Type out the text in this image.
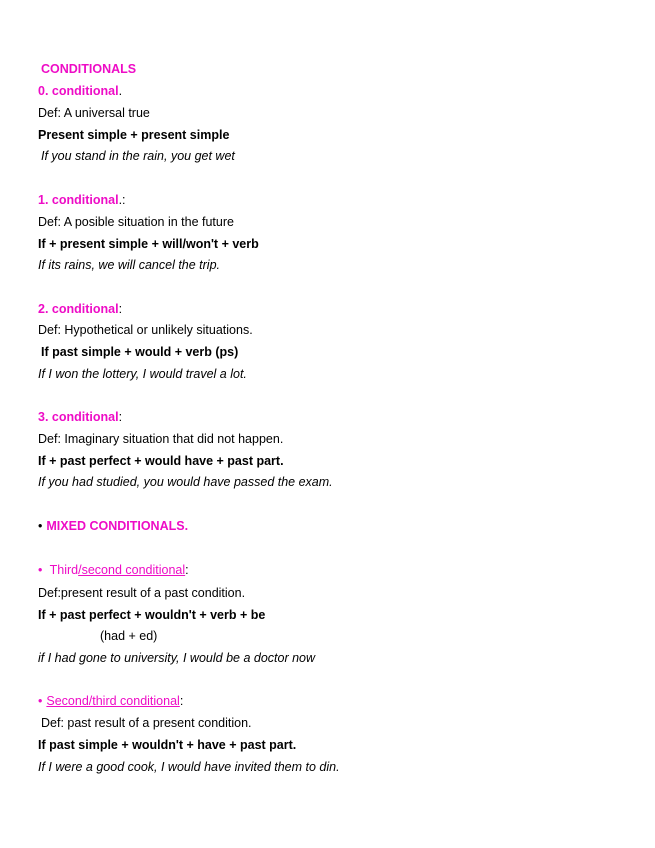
CONDITIONALS
0. conditional.
Def: A universal true
Present simple + present simple
If you stand in the rain, you get wet
1. conditional.:
Def: A posible situation in the future
If + present simple + will/won't + verb
If its rains, we will cancel the trip.
2. conditional:
Def: Hypothetical or unlikely situations.
If past simple + would + verb (ps)
If I won the lottery, I would travel a lot.
3. conditional:
Def: Imaginary situation that did not happen.
If + past perfect + would have + past part.
If you had studied, you would have passed the exam.
• MIXED CONDITIONALS.
• Third/second conditional:
Def:present result of a past condition.
If + past perfect + wouldn't + verb + be
(had + ed)
if I had gone to university, I would be a doctor now
• Second/third conditional:
Def: past result of a present condition.
If past simple + wouldn't + have + past part.
If I were a good cook, I would have invited them to din.
